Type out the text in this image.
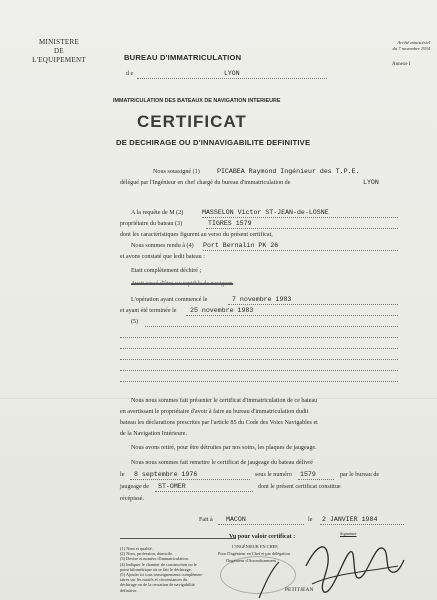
MINISTERE
DE
L'EQUIPEMENT
Arrêté ministériel
du 7 novembre 1934
Annexe I
BUREAU D'IMMATRICULATION
d e	LYON
IMMATRICULATION DES BATEAUX DE NAVIGATION INTERIEURE
CERTIFICAT
DE DECHIRAGE OU D'INNAVIGABILITE DEFINITIVE
Nous soussigné (1)	PICABEA Raymond Ingénieur des T.P.E.
délégué par l'Ingénieur en chef chargé du bureau d'immatriculation de	LYON
A la requête de M (2)	MASSELON Victor ST-JEAN-de-LOSNE
propriétaire du bateau (3)	TIGRES 1579
dont les caractéristiques figurent au verso du présent certificat,
Nous sommes rendu à (4) Port Bernalin PK 26
et avons constaté que ledit bateau :
Etait complètement déchiré ;
Avait cessé d'être susceptible de naviguer.
L'opération ayant commencé le	7 novembre 1983
et ayant été terminée le 25 novembre 1983
(5)
Nous nous sommes fait présenter le certificat d'immatriculation de ce bateau
en avertissant le propriétaire d'avoir à faire au bureau d'immatriculation dudit
bateau les déclarations prescrites par l'article 85 du Code des Voies Navigables et
de la Navigation Intérieure.
Nous avons retiré, pour être détruites par nos soins, les plaques de jaugeage.
Nous nous sommes fait remettre le certificat de jaugeage du bateau délivré
le 8 septembre 1976	sous le numéro 1579	par le bureau de
jaugeage de ST-OMER	dont le présent certificat constitue
récépissé.
Fait à MACON	le 2 JANVIER 1984
Vu pour valoir certificat :
L'INGÉNIEUR EN CHEF,
Pour l'Ingénieur en Chef et par délégation
l'Ingénieur d'Arrondissement
Signature
PETITJEAN
(1) Nom et qualité.
(2) Nom, profession, domicile.
(3) Devise et numéro d'immatriculation.
(4) Indiquer le chantier de construction ou le
point kilométrique où se fait le déchirage.
(5) Ajouter ici tous renseignements complémen-
taires sur les motifs et circonstances du
déchirage ou de la cessation de navigabilité
définitive.
